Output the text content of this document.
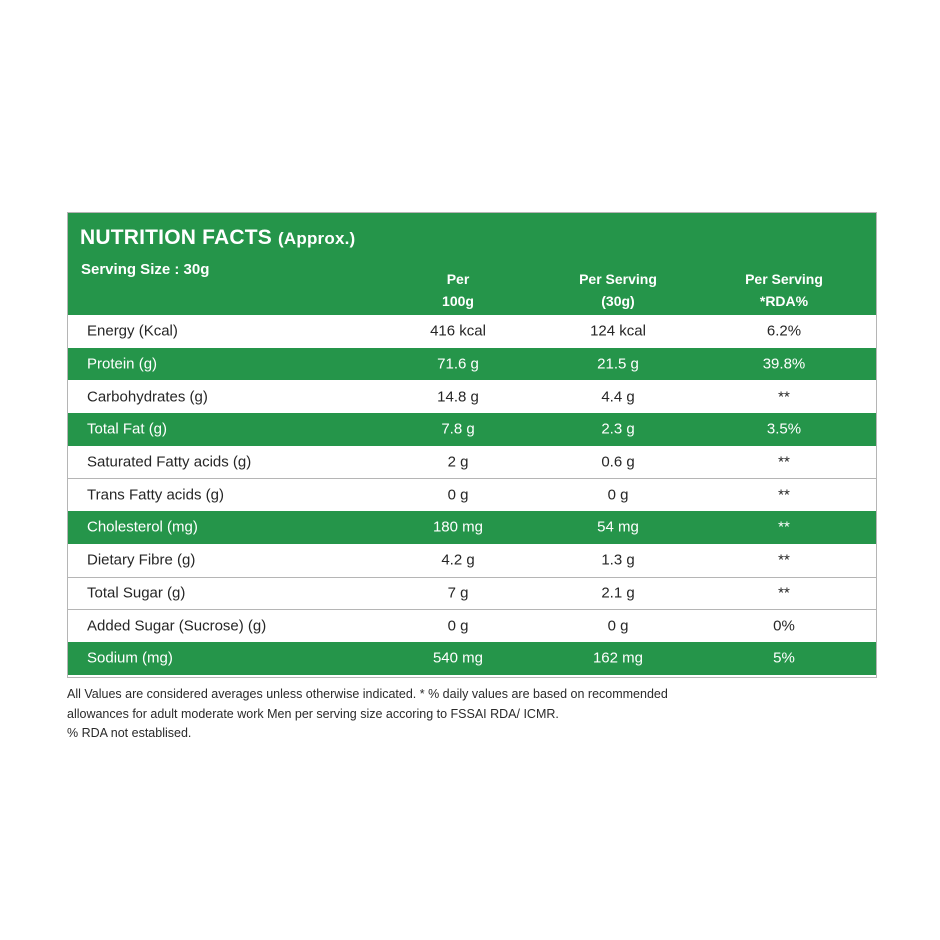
NUTRITION FACTS (Approx.)
Serving Size : 30g
Per
100g
Per Serving
(30g)
Per Serving
*RDA%
Energy (Kcal)	416 kcal	124 kcal	6.2%
Protein (g)	71.6 g	21.5 g	39.8%
Carbohydrates (g)	14.8 g	4.4 g	**
Total Fat (g)	7.8 g	2.3 g	3.5%
Saturated Fatty acids (g)	2 g	0.6 g	**
Trans Fatty acids (g)	0 g	0 g	**
Cholesterol (mg)	180 mg	54 mg	**
Dietary Fibre (g)	4.2 g	1.3 g	**
Total Sugar (g)	7 g	2.1 g	**
Added Sugar (Sucrose) (g)	0 g	0 g	0%
Sodium (mg)	540 mg	162 mg	5%
All Values are considered averages unless otherwise indicated. * % daily values are based on recommended
allowances for adult moderate work Men per serving size accoring to FSSAI RDA/ ICMR.
% RDA not establised.
